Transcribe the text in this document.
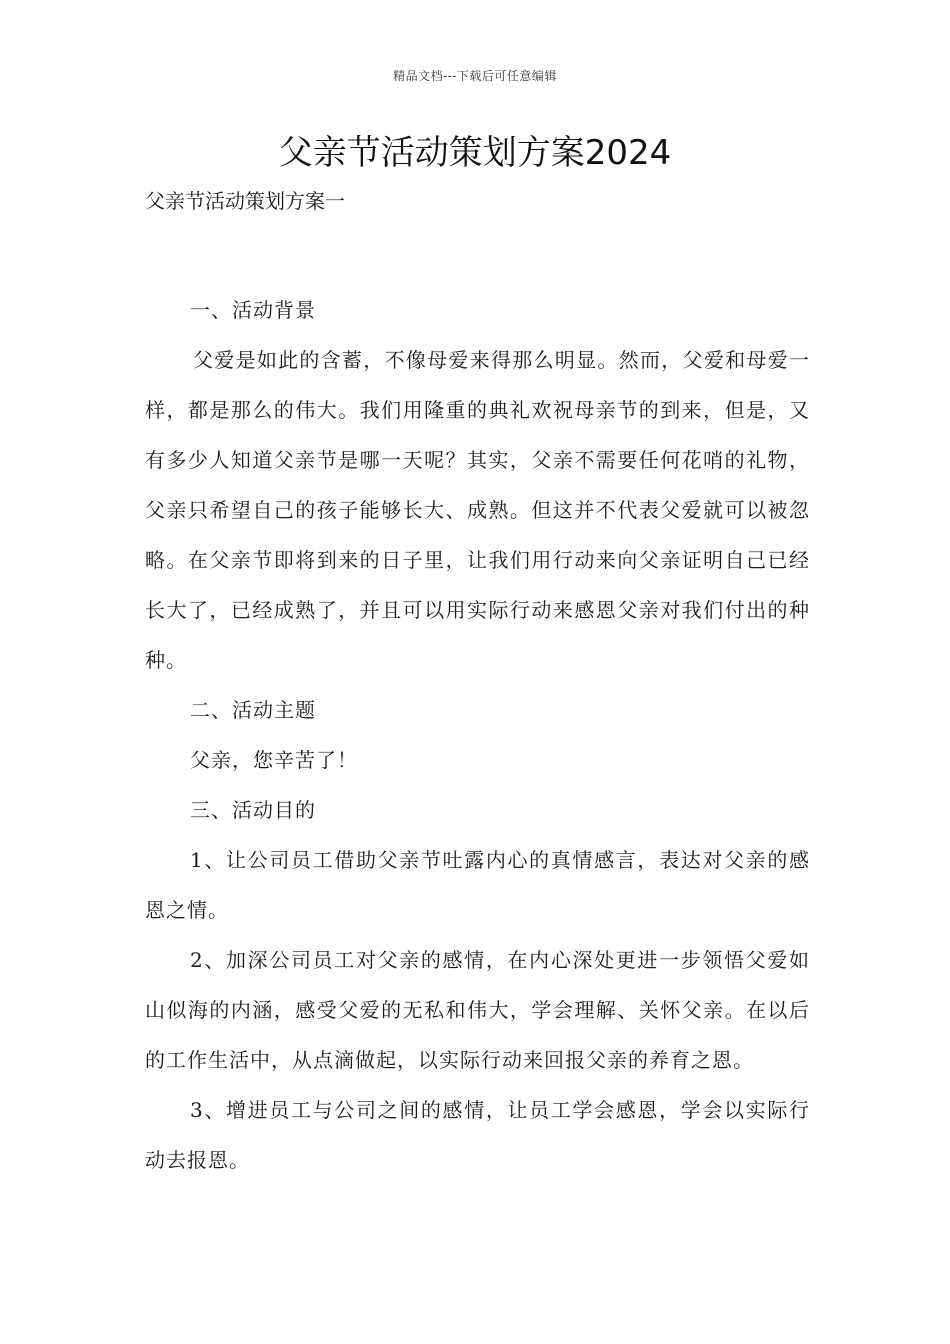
精品文档---下载后可任意编辑
父亲节活动策划方案2024
父亲节活动策划方案一

一、活动背景

父爱是如此的含蓄，不像母爱来得那么明显。然而，父爱和母爱一样，都是那么的伟大。我们用隆重的典礼欢祝母亲节的到来，但是，又有多少人知道父亲节是哪一天呢？其实，父亲不需要任何花哨的礼物，父亲只希望自己的孩子能够长大、成熟。但这并不代表父爱就可以被忽略。在父亲节即将到来的日子里，让我们用行动来向父亲证明自己已经长大了，已经成熟了，并且可以用实际行动来感恩父亲对我们付出的种种。

二、活动主题

父亲，您辛苦了！

三、活动目的

1、让公司员工借助父亲节吐露内心的真情感言，表达对父亲的感恩之情。

2、加深公司员工对父亲的感情，在内心深处更进一步领悟父爱如山似海的内涵，感受父爱的无私和伟大，学会理解、关怀父亲。在以后的工作生活中，从点滴做起，以实际行动来回报父亲的养育之恩。

3、增进员工与公司之间的感情，让员工学会感恩，学会以实际行动去报恩。
